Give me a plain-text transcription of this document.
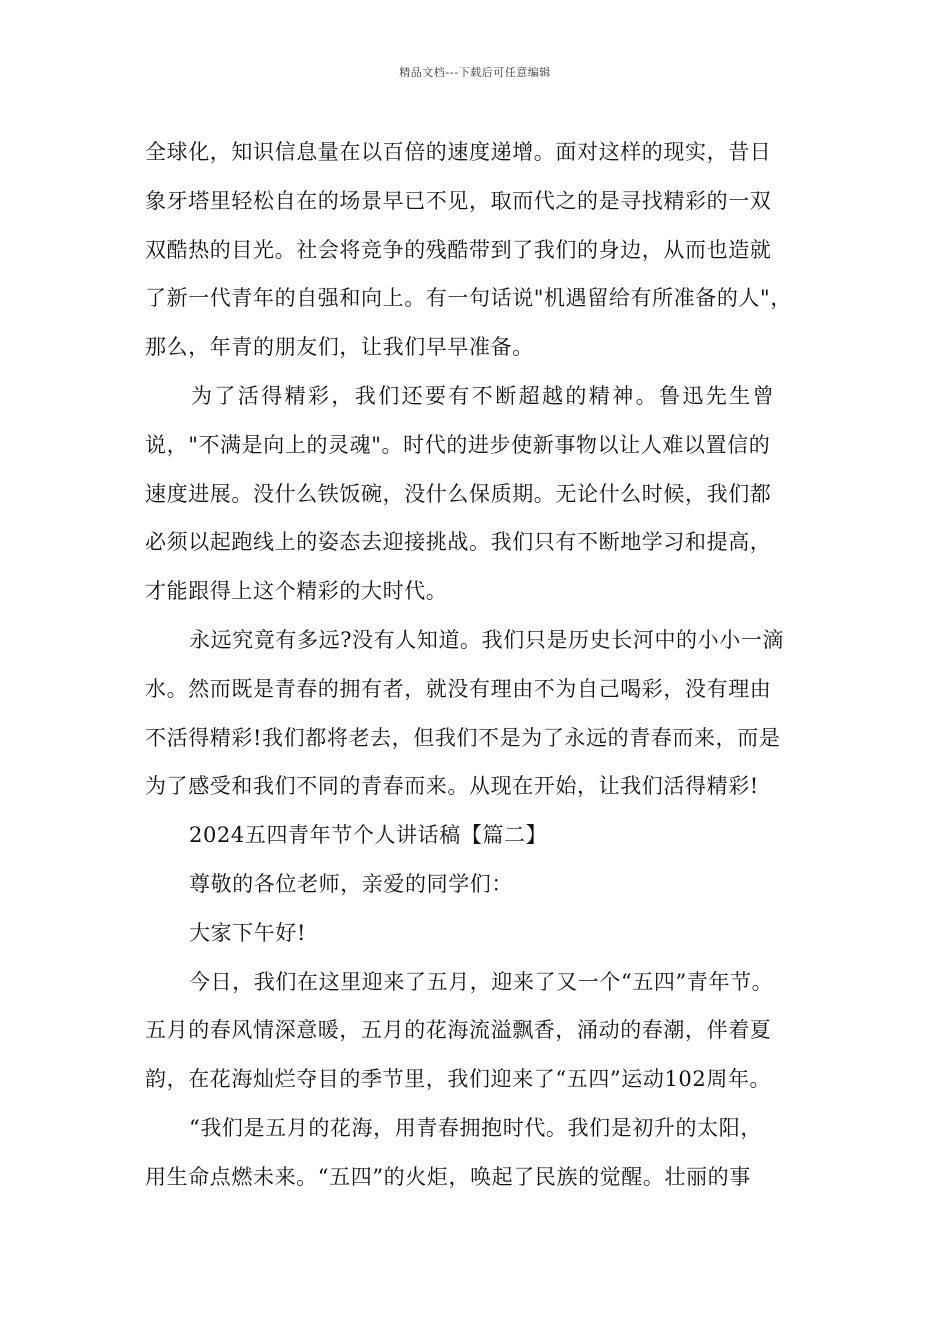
精品文档---下载后可任意编辑
全球化，知识信息量在以百倍的速度递增。面对这样的现实，昔日
象牙塔里轻松自在的场景早已不见，取而代之的是寻找精彩的一双
双酷热的目光。社会将竞争的残酷带到了我们的身边，从而也造就
了新一代青年的自强和向上。有一句话说"机遇留给有所准备的人"，
那么，年青的朋友们，让我们早早准备。
为了活得精彩，我们还要有不断超越的精神。鲁迅先生曾
说，"不满是向上的灵魂"。时代的进步使新事物以让人难以置信的
速度进展。没什么铁饭碗，没什么保质期。无论什么时候，我们都
必须以起跑线上的姿态去迎接挑战。我们只有不断地学习和提高，
才能跟得上这个精彩的大时代。
永远究竟有多远?没有人知道。我们只是历史长河中的小小一滴
水。然而既是青春的拥有者，就没有理由不为自己喝彩，没有理由
不活得精彩!我们都将老去，但我们不是为了永远的青春而来，而是
为了感受和我们不同的青春而来。从现在开始，让我们活得精彩!
2024五四青年节个人讲话稿【篇二】
尊敬的各位老师，亲爱的同学们：
大家下午好!
今日，我们在这里迎来了五月，迎来了又一个“五四”青年节。
五月的春风情深意暖，五月的花海流溢飘香，涌动的春潮，伴着夏
韵，在花海灿烂夺目的季节里，我们迎来了“五四”运动102周年。
“我们是五月的花海，用青春拥抱时代。我们是初升的太阳，
用生命点燃未来。“五四”的火炬，唤起了民族的觉醒。壮丽的事
